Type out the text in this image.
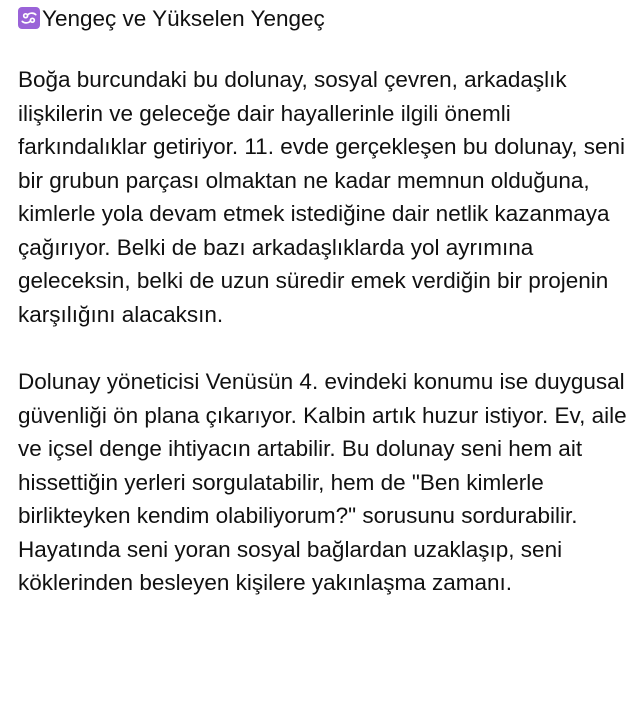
Yengeç ve Yükselen Yengeç

Boğa burcundaki bu dolunay, sosyal çevren, arkadaşlık ilişkilerin ve geleceğe dair hayallerinle ilgili önemli farkındalıklar getiriyor. 11. evde gerçekleşen bu dolunay, seni bir grubun parçası olmaktan ne kadar memnun olduğuna, kimlerle yola devam etmek istediğine dair netlik kazanmaya çağırıyor. Belki de bazı arkadaşlıklarda yol ayrımına geleceksin, belki de uzun süredir emek verdiğin bir projenin karşılığını alacaksın.

Dolunay yöneticisi Venüsün 4. evindeki konumu ise duygusal güvenliği ön plana çıkarıyor. Kalbin artık huzur istiyor. Ev, aile ve içsel denge ihtiyacın artabilir. Bu dolunay seni hem ait hissettiğin yerleri sorgulatabilir, hem de "Ben kimlerle birlikteyken kendim olabiliyorum?" sorusunu sordurabilir. Hayatında seni yoran sosyal bağlardan uzaklaşıp, seni köklerinden besleyen kişilere yakınlaşma zamanı.
